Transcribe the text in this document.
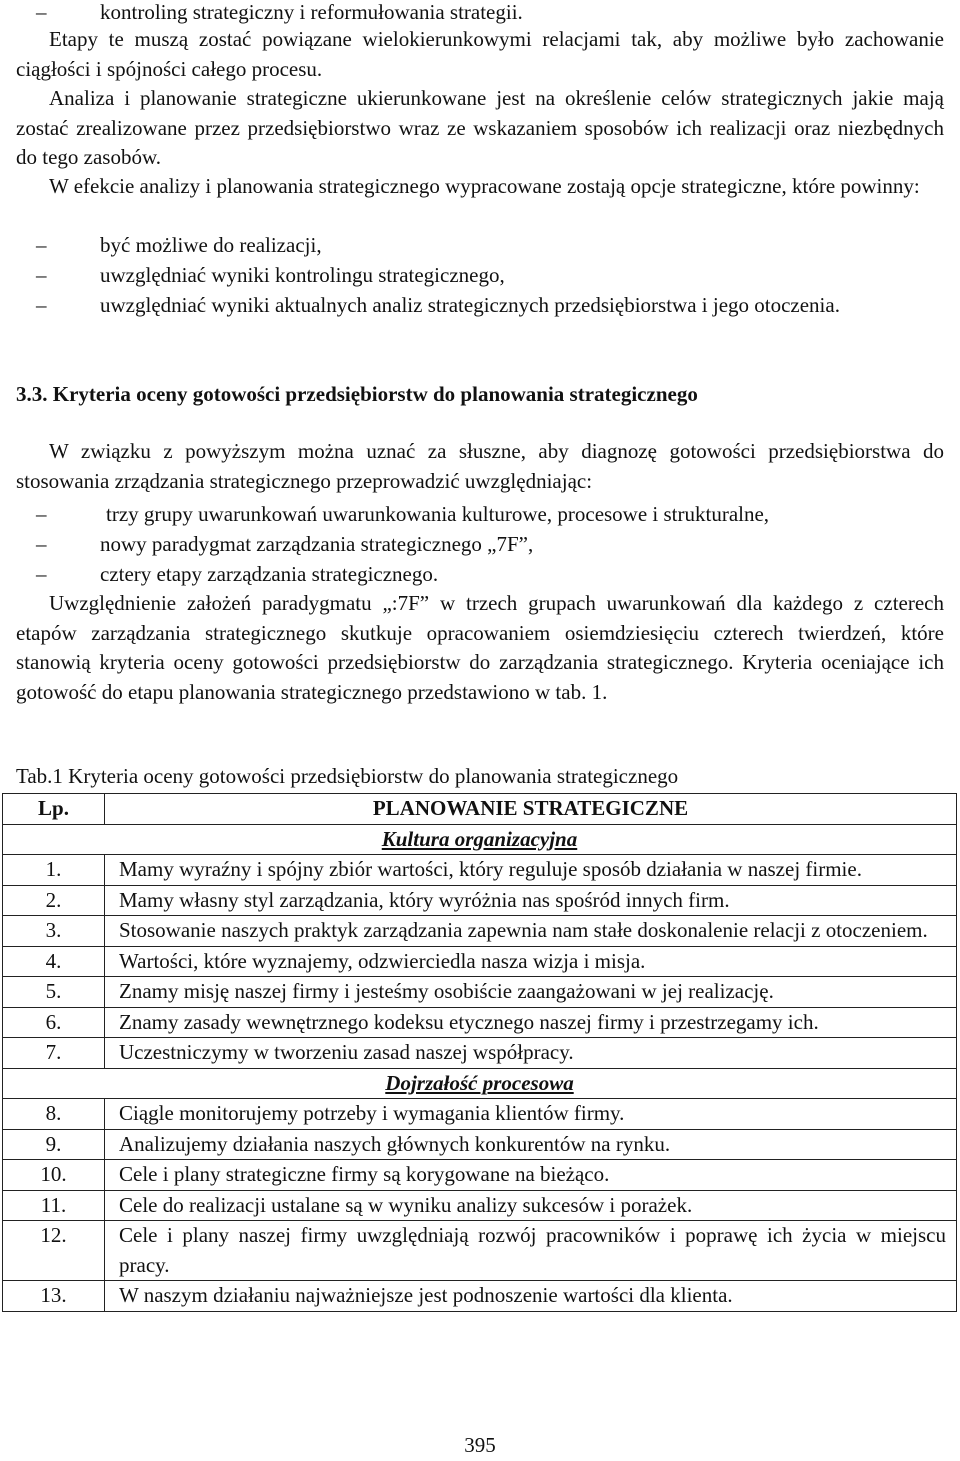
–	kontroling strategiczny i reformułowania strategii.
Etapy te muszą zostać powiązane wielokierunkowymi relacjami tak, aby możliwe było zachowanie ciągłości i spójności całego procesu.
Analiza i planowanie strategiczne ukierunkowane jest na określenie celów strategicznych jakie mają zostać zrealizowane przez przedsiębiorstwo wraz ze wskazaniem sposobów ich realizacji oraz niezbędnych do tego zasobów.
W efekcie analizy i planowania strategicznego wypracowane zostają opcje strategiczne, które powinny:
–	być możliwe do realizacji,
–	uwzględniać wyniki kontrolingu strategicznego,
–	uwzględniać wyniki aktualnych analiz strategicznych przedsiębiorstwa i jego otoczenia.
3.3. Kryteria oceny gotowości przedsiębiorstw do planowania strategicznego
W związku z powyższym można uznać za słuszne, aby diagnozę gotowości przedsiębiorstwa do stosowania zrządzania strategicznego przeprowadzić uwzględniając:
–	trzy grupy uwarunkowań uwarunkowania kulturowe, procesowe i strukturalne,
–	nowy paradygmat zarządzania strategicznego „7F”,
–	cztery etapy zarządzania strategicznego.
Uwzględnienie założeń paradygmatu „:7F” w trzech grupach uwarunkowań dla każdego z czterech etapów zarządzania strategicznego skutkuje opracowaniem osiemdziesięciu czterech twierdzeń, które stanowią kryteria oceny gotowości przedsiębiorstw do zarządzania strategicznego. Kryteria oceniające ich gotowość do etapu planowania strategicznego przedstawiono w tab. 1.
Tab.1 Kryteria oceny gotowości przedsiębiorstw do planowania strategicznego
Lp.	PLANOWANIE STRATEGICZNE
Kultura organizacyjna	
1.	Mamy wyraźny i spójny zbiór wartości, który reguluje sposób działania w naszej firmie.
2.	Mamy własny styl zarządzania, który wyróżnia nas spośród innych firm.
3.	Stosowanie naszych praktyk zarządzania zapewnia nam stałe doskonalenie relacji z otoczeniem.
4.	Wartości, które wyznajemy, odzwierciedla nasza wizja i misja.
5.	Znamy misję naszej firmy i jesteśmy osobiście zaangażowani w jej realizację.
6.	Znamy zasady wewnętrznego kodeksu etycznego naszej firmy i przestrzegamy ich.
7.	Uczestniczymy w tworzeniu zasad naszej współpracy.
Dojrzałość procesowa	
8.	Ciągle monitorujemy potrzeby i wymagania klientów firmy.
9.	Analizujemy działania naszych głównych konkurentów na rynku.
10.	Cele i plany strategiczne firmy są korygowane na bieżąco.
11.	Cele do realizacji ustalane są w wyniku analizy sukcesów i porażek.
12.	Cele i plany naszej firmy uwzględniają rozwój pracowników i poprawę ich życia w miejscu pracy.
13.	W naszym działaniu najważniejsze jest podnoszenie wartości dla klienta.
395
